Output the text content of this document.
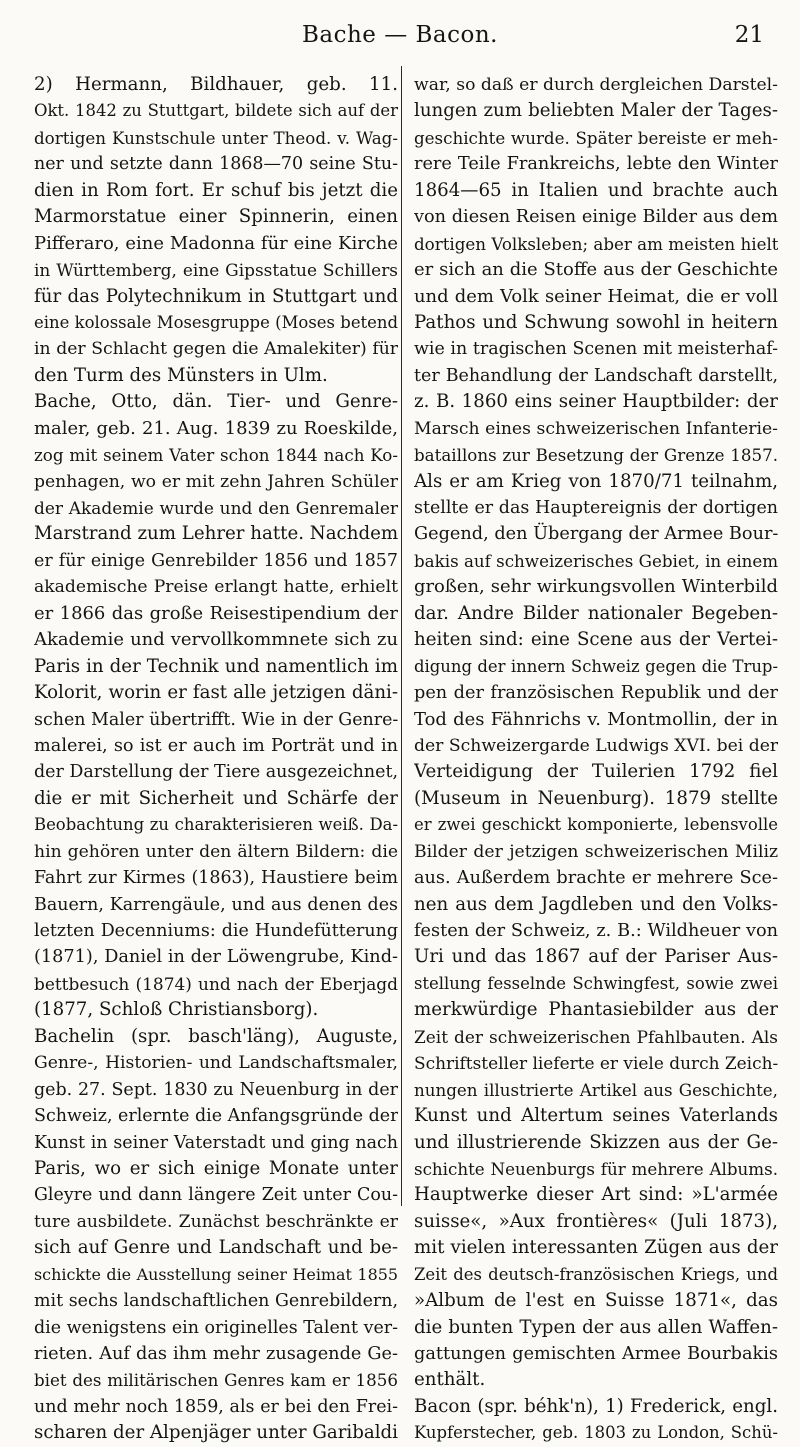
Bache — Bacon.	21
2) Hermann, Bildhauer, geb. 11.
Okt. 1842 zu Stuttgart, bildete sich auf der
dortigen Kunstschule unter Theod. v. Wag-
ner und setzte dann 1868—70 seine Stu-
dien in Rom fort. Er schuf bis jetzt die
Marmorstatue einer Spinnerin, einen
Pifferaro, eine Madonna für eine Kirche
in Württemberg, eine Gipsstatue Schillers
für das Polytechnikum in Stuttgart und
eine kolossale Mosesgruppe (Moses betend
in der Schlacht gegen die Amalekiter) für
den Turm des Münsters in Ulm.
Bache, Otto, dän. Tier- und Genre-
maler, geb. 21. Aug. 1839 zu Roeskilde,
zog mit seinem Vater schon 1844 nach Ko-
penhagen, wo er mit zehn Jahren Schüler
der Akademie wurde und den Genremaler
Marstrand zum Lehrer hatte. Nachdem
er für einige Genrebilder 1856 und 1857
akademische Preise erlangt hatte, erhielt
er 1866 das große Reisestipendium der
Akademie und vervollkommnete sich zu
Paris in der Technik und namentlich im
Kolorit, worin er fast alle jetzigen däni-
schen Maler übertrifft. Wie in der Genre-
malerei, so ist er auch im Porträt und in
der Darstellung der Tiere ausgezeichnet,
die er mit Sicherheit und Schärfe der
Beobachtung zu charakterisieren weiß. Da-
hin gehören unter den ältern Bildern: die
Fahrt zur Kirmes (1863), Haustiere beim
Bauern, Karrengäule, und aus denen des
letzten Decenniums: die Hundefütterung
(1871), Daniel in der Löwengrube, Kind-
bettbesuch (1874) und nach der Eberjagd
(1877, Schloß Christiansborg).
Bachelin (spr. basch'läng), Auguste,
Genre-, Historien- und Landschaftsmaler,
geb. 27. Sept. 1830 zu Neuenburg in der
Schweiz, erlernte die Anfangsgründe der
Kunst in seiner Vaterstadt und ging nach
Paris, wo er sich einige Monate unter
Gleyre und dann längere Zeit unter Cou-
ture ausbildete. Zunächst beschränkte er
sich auf Genre und Landschaft und be-
schickte die Ausstellung seiner Heimat 1855
mit sechs landschaftlichen Genrebildern,
die wenigstens ein originelles Talent ver-
rieten. Auf das ihm mehr zusagende Ge-
biet des militärischen Genres kam er 1856
und mehr noch 1859, als er bei den Frei-
scharen der Alpenjäger unter Garibaldi
war, so daß er durch dergleichen Darstel-
lungen zum beliebten Maler der Tages-
geschichte wurde. Später bereiste er meh-
rere Teile Frankreichs, lebte den Winter
1864—65 in Italien und brachte auch
von diesen Reisen einige Bilder aus dem
dortigen Volksleben; aber am meisten hielt
er sich an die Stoffe aus der Geschichte
und dem Volk seiner Heimat, die er voll
Pathos und Schwung sowohl in heitern
wie in tragischen Scenen mit meisterhaf-
ter Behandlung der Landschaft darstellt,
z. B. 1860 eins seiner Hauptbilder: der
Marsch eines schweizerischen Infanterie-
bataillons zur Besetzung der Grenze 1857.
Als er am Krieg von 1870/71 teilnahm,
stellte er das Hauptereignis der dortigen
Gegend, den Übergang der Armee Bour-
bakis auf schweizerisches Gebiet, in einem
großen, sehr wirkungsvollen Winterbild
dar. Andre Bilder nationaler Begeben-
heiten sind: eine Scene aus der Vertei-
digung der innern Schweiz gegen die Trup-
pen der französischen Republik und der
Tod des Fähnrichs v. Montmollin, der in
der Schweizergarde Ludwigs XVI. bei der
Verteidigung der Tuilerien 1792 fiel
(Museum in Neuenburg). 1879 stellte
er zwei geschickt komponierte, lebensvolle
Bilder der jetzigen schweizerischen Miliz
aus. Außerdem brachte er mehrere Sce-
nen aus dem Jagdleben und den Volks-
festen der Schweiz, z. B.: Wildheuer von
Uri und das 1867 auf der Pariser Aus-
stellung fesselnde Schwingfest, sowie zwei
merkwürdige Phantasiebilder aus der
Zeit der schweizerischen Pfahlbauten. Als
Schriftsteller lieferte er viele durch Zeich-
nungen illustrierte Artikel aus Geschichte,
Kunst und Altertum seines Vaterlands
und illustrierende Skizzen aus der Ge-
schichte Neuenburgs für mehrere Albums.
Hauptwerke dieser Art sind: »L'armée
suisse«, »Aux frontières« (Juli 1873),
mit vielen interessanten Zügen aus der
Zeit des deutsch-französischen Kriegs, und
»Album de l'est en Suisse 1871«, das
die bunten Typen der aus allen Waffen-
gattungen gemischten Armee Bourbakis
enthält.
Bacon (spr. béhk'n), 1) Frederick, engl.
Kupferstecher, geb. 1803 zu London, Schü-
